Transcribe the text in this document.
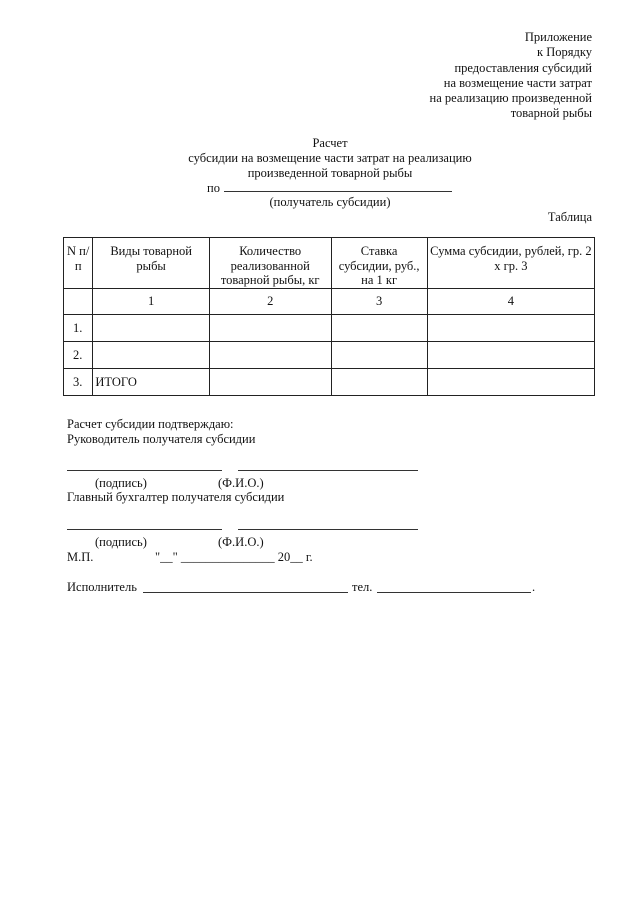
Приложение
к Порядку
предоставления субсидий
на возмещение части затрат
на реализацию произведенной
товарной рыбы
Расчет
субсидии на возмещение части затрат на реализацию
произведенной товарной рыбы
по
(получатель субсидии)
Таблица
N п/п	Виды товарной рыбы	Количество реализованной товарной рыбы, кг	Ставка субсидии, руб., на 1 кг	Сумма субсидии, рублей, гр. 2 x гр. 3
	1	2	3	4
1.				
2.				
3.	ИТОГО			
Расчет субсидии подтверждаю:
Руководитель получателя субсидии
(подпись)	(Ф.И.О.)
Главный бухгалтер получателя субсидии
(подпись)	(Ф.И.О.)
М.П.	"__" _______________ 20__ г.
Исполнитель	тел.	.
